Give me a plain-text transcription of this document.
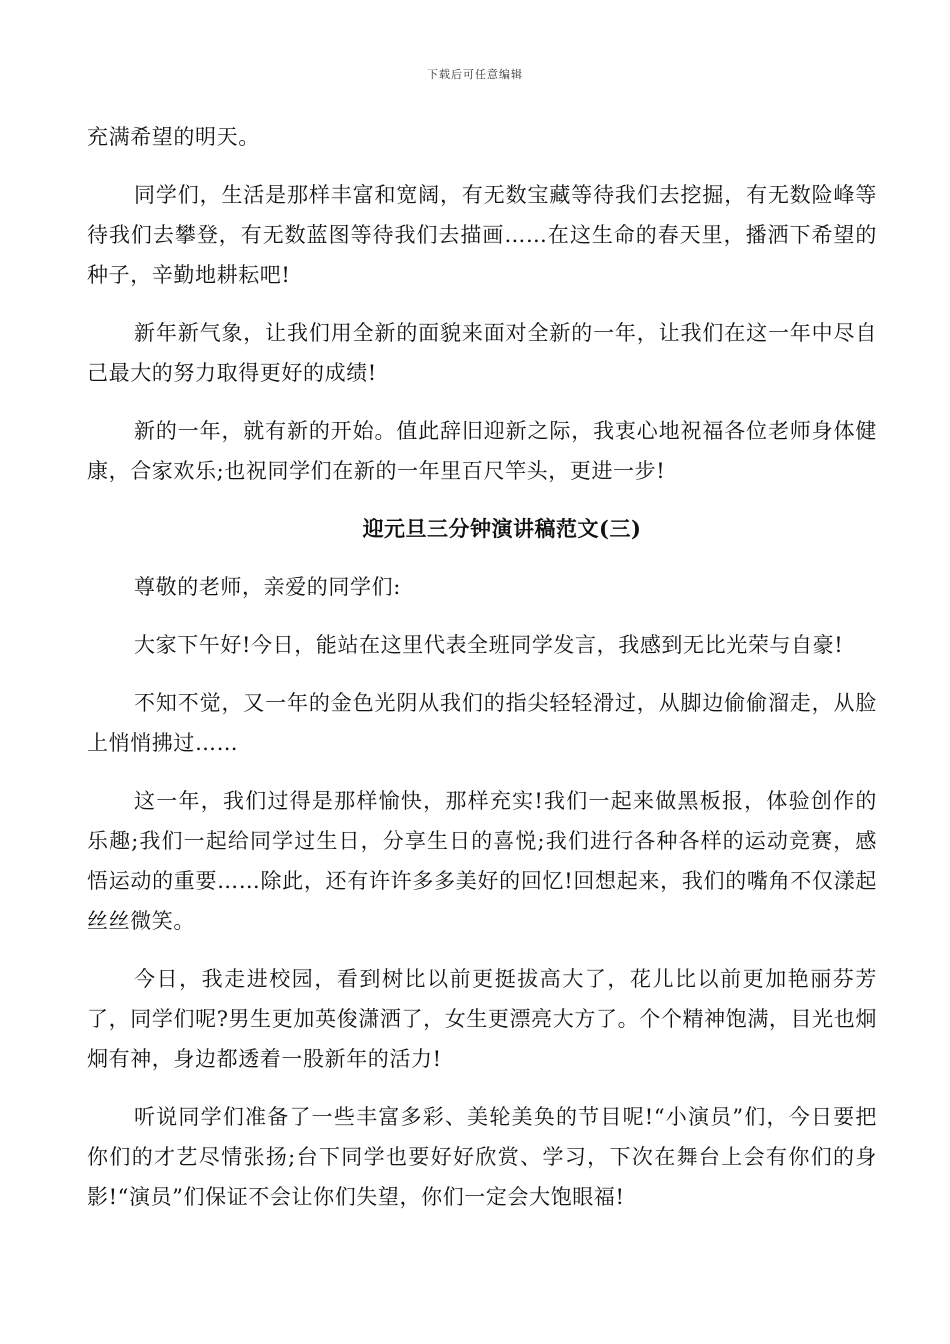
下载后可任意编辑

充满希望的明天。

同学们，生活是那样丰富和宽阔，有无数宝藏等待我们去挖掘，有无数险峰等待我们去攀登，有无数蓝图等待我们去描画……在这生命的春天里，播洒下希望的种子，辛勤地耕耘吧!

新年新气象，让我们用全新的面貌来面对全新的一年，让我们在这一年中尽自己最大的努力取得更好的成绩!

新的一年，就有新的开始。值此辞旧迎新之际，我衷心地祝福各位老师身体健康，合家欢乐;也祝同学们在新的一年里百尺竿头，更进一步!

迎元旦三分钟演讲稿范文(三)

尊敬的老师，亲爱的同学们:

大家下午好!今日，能站在这里代表全班同学发言，我感到无比光荣与自豪!

不知不觉，又一年的金色光阴从我们的指尖轻轻滑过，从脚边偷偷溜走，从脸上悄悄拂过……

这一年，我们过得是那样愉快，那样充实!我们一起来做黑板报，体验创作的乐趣;我们一起给同学过生日，分享生日的喜悦;我们进行各种各样的运动竞赛，感悟运动的重要……除此，还有许许多多美好的回忆!回想起来，我们的嘴角不仅漾起丝丝微笑。

今日，我走进校园，看到树比以前更挺拔高大了，花儿比以前更加艳丽芬芳了，同学们呢?男生更加英俊潇洒了，女生更漂亮大方了。个个精神饱满，目光也炯炯有神，身边都透着一股新年的活力!

听说同学们准备了一些丰富多彩、美轮美奂的节目呢!“小演员”们，今日要把你们的才艺尽情张扬;台下同学也要好好欣赏、学习，下次在舞台上会有你们的身影!“演员”们保证不会让你们失望，你们一定会大饱眼福!
